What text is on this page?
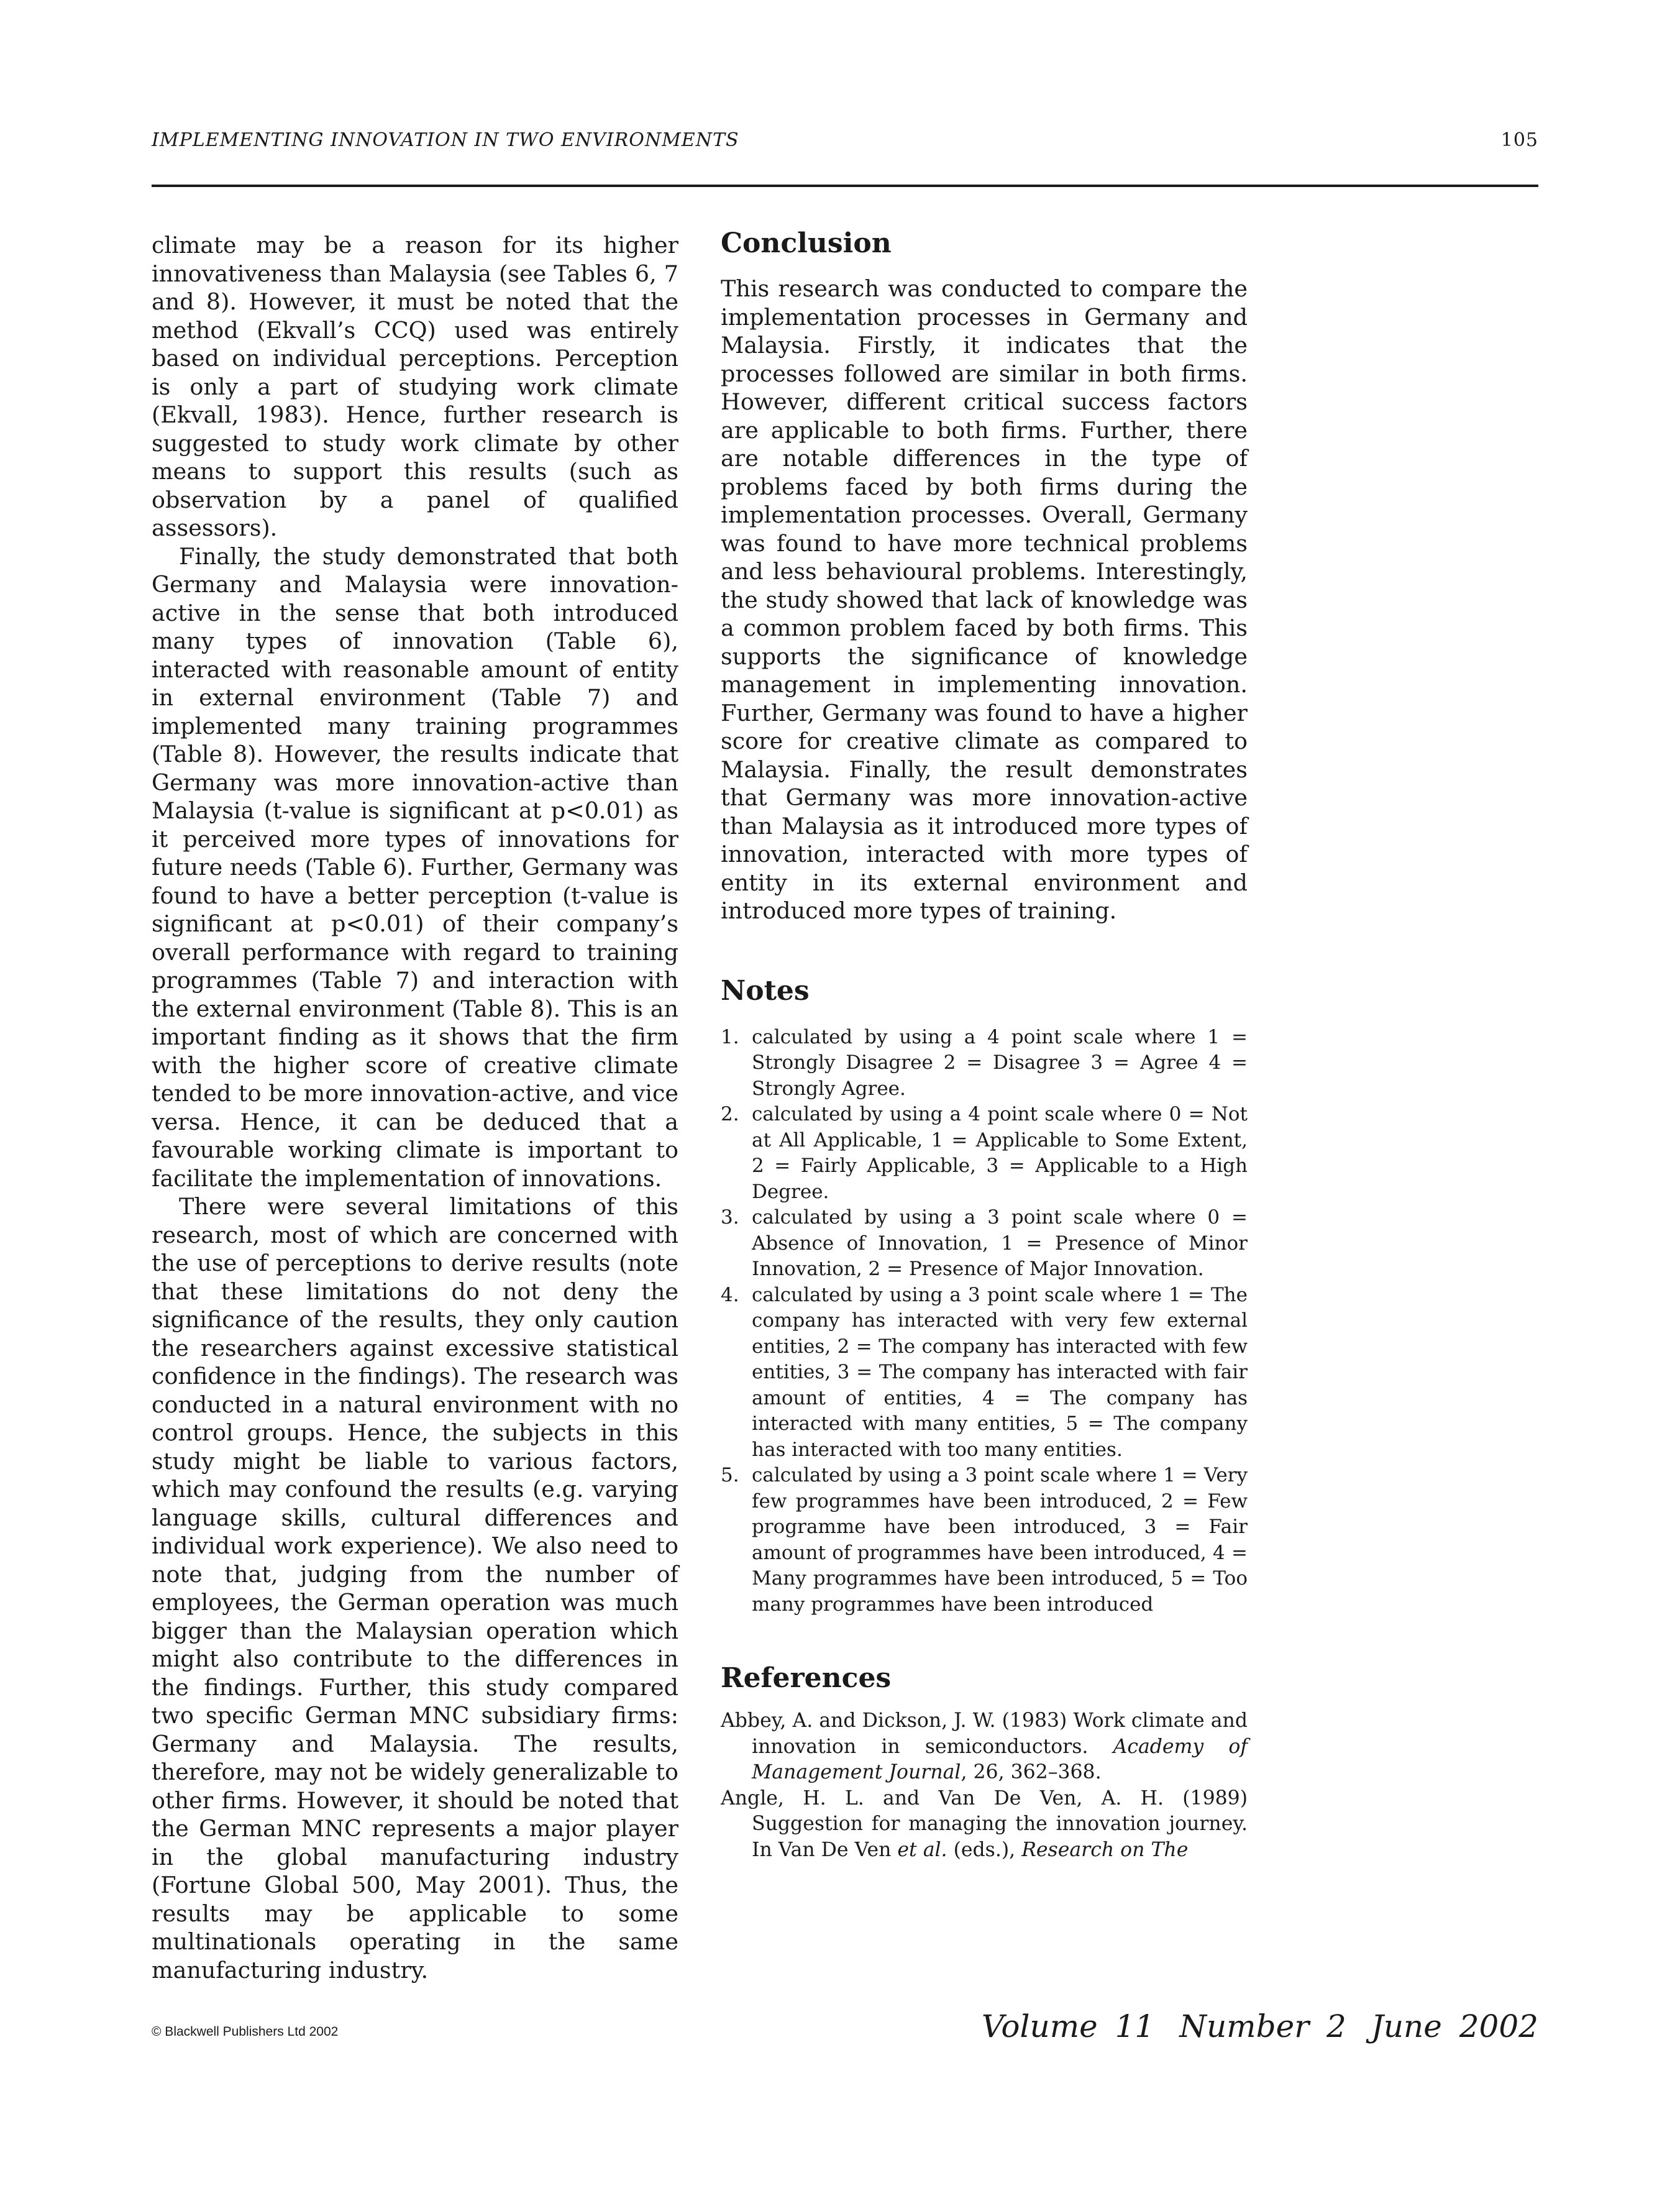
IMPLEMENTING INNOVATION IN TWO ENVIRONMENTS	105

climate may be a reason for its higher innovativeness than Malaysia (see Tables 6, 7 and 8). However, it must be noted that the method (Ekvall’s CCQ) used was entirely based on individual perceptions. Perception is only a part of studying work climate (Ekvall, 1983). Hence, further research is suggested to study work climate by other means to support this results (such as observation by a panel of qualified assessors).

Finally, the study demonstrated that both Germany and Malaysia were innovation-active in the sense that both introduced many types of innovation (Table 6), interacted with reasonable amount of entity in external environment (Table 7) and implemented many training programmes (Table 8). However, the results indicate that Germany was more innovation-active than Malaysia (t-value is significant at p<0.01) as it perceived more types of innovations for future needs (Table 6). Further, Germany was found to have a better perception (t-value is significant at p<0.01) of their company’s overall performance with regard to training programmes (Table 7) and interaction with the external environment (Table 8). This is an important finding as it shows that the firm with the higher score of creative climate tended to be more innovation-active, and vice versa. Hence, it can be deduced that a favourable working climate is important to facilitate the implementation of innovations.

There were several limitations of this research, most of which are concerned with the use of perceptions to derive results (note that these limitations do not deny the significance of the results, they only caution the researchers against excessive statistical confidence in the findings). The research was conducted in a natural environment with no control groups. Hence, the subjects in this study might be liable to various factors, which may confound the results (e.g. varying language skills, cultural differences and individual work experience). We also need to note that, judging from the number of employees, the German operation was much bigger than the Malaysian operation which might also contribute to the differences in the findings. Further, this study compared two specific German MNC subsidiary firms: Germany and Malaysia. The results, therefore, may not be widely generalizable to other firms. However, it should be noted that the German MNC represents a major player in the global manufacturing industry (Fortune Global 500, May 2001). Thus, the results may be applicable to some multinationals operating in the same manufacturing industry.

Conclusion

This research was conducted to compare the implementation processes in Germany and Malaysia. Firstly, it indicates that the processes followed are similar in both firms. However, different critical success factors are applicable to both firms. Further, there are notable differences in the type of problems faced by both firms during the implementation processes. Overall, Germany was found to have more technical problems and less behavioural problems. Interestingly, the study showed that lack of knowledge was a common problem faced by both firms. This supports the significance of knowledge management in implementing innovation. Further, Germany was found to have a higher score for creative climate as compared to Malaysia. Finally, the result demonstrates that Germany was more innovation-active than Malaysia as it introduced more types of innovation, interacted with more types of entity in its external environment and introduced more types of training.

Notes
1. calculated by using a 4 point scale where 1 = Strongly Disagree 2 = Disagree 3 = Agree 4 = Strongly Agree.
2. calculated by using a 4 point scale where 0 = Not at All Applicable, 1 = Applicable to Some Extent, 2 = Fairly Applicable, 3 = Applicable to a High Degree.
3. calculated by using a 3 point scale where 0 = Absence of Innovation, 1 = Presence of Minor Innovation, 2 = Presence of Major Innovation.
4. calculated by using a 3 point scale where 1 = The company has interacted with very few external entities, 2 = The company has interacted with few entities, 3 = The company has interacted with fair amount of entities, 4 = The company has interacted with many entities, 5 = The company has interacted with too many entities.
5. calculated by using a 3 point scale where 1 = Very few programmes have been introduced, 2 = Few programme have been introduced, 3 = Fair amount of programmes have been introduced, 4 = Many programmes have been introduced, 5 = Too many programmes have been introduced
References
Abbey, A. and Dickson, J. W. (1983) Work climate and innovation in semiconductors. Academy of Management Journal, 26, 362–368.
Angle, H. L. and Van De Ven, A. H. (1989) Suggestion for managing the innovation journey. In Van De Ven et al. (eds.), Research on The
© Blackwell Publishers Ltd 2002	Volume 11 Number 2 June 2002
